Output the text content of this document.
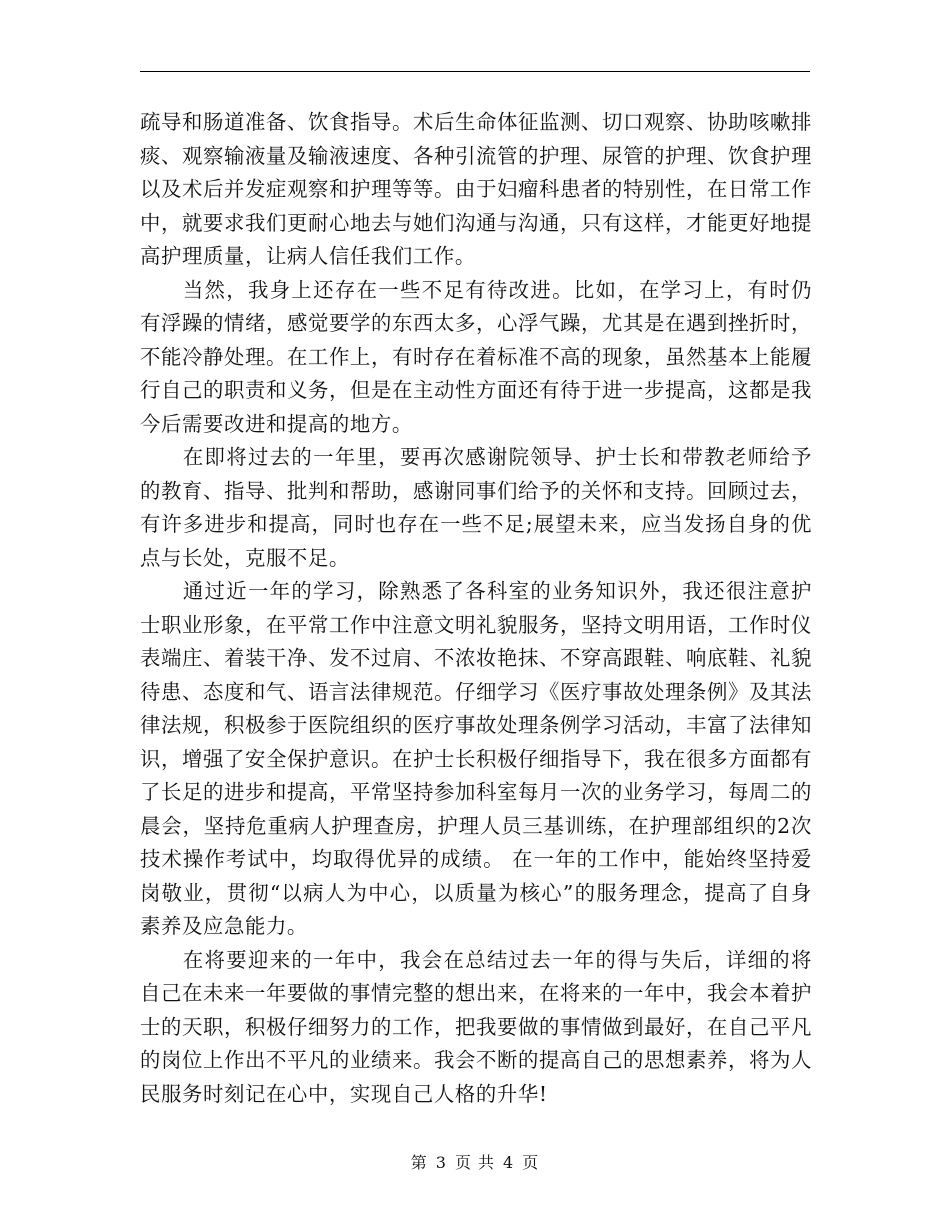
疏导和肠道准备、饮食指导。术后生命体征监测、切口观察、协助咳嗽排痰、观察输液量及输液速度、各种引流管的护理、尿管的护理、饮食护理以及术后并发症观察和护理等等。由于妇瘤科患者的特别性，在日常工作中，就要求我们更耐心地去与她们沟通与沟通，只有这样，才能更好地提高护理质量，让病人信任我们工作。

当然，我身上还存在一些不足有待改进。比如，在学习上，有时仍有浮躁的情绪，感觉要学的东西太多，心浮气躁，尤其是在遇到挫折时，不能冷静处理。在工作上，有时存在着标准不高的现象，虽然基本上能履行自己的职责和义务，但是在主动性方面还有待于进一步提高，这都是我今后需要改进和提高的地方。

在即将过去的一年里，要再次感谢院领导、护士长和带教老师给予的教育、指导、批判和帮助，感谢同事们给予的关怀和支持。回顾过去，有许多进步和提高，同时也存在一些不足;展望未来，应当发扬自身的优点与长处，克服不足。

通过近一年的学习，除熟悉了各科室的业务知识外，我还很注意护士职业形象，在平常工作中注意文明礼貌服务，坚持文明用语，工作时仪表端庄、着装干净、发不过肩、不浓妆艳抹、不穿高跟鞋、响底鞋、礼貌待患、态度和气、语言法律规范。仔细学习《医疗事故处理条例》及其法律法规，积极参于医院组织的医疗事故处理条例学习活动，丰富了法律知识，增强了安全保护意识。在护士长积极仔细指导下，我在很多方面都有了长足的进步和提高，平常坚持参加科室每月一次的业务学习，每周二的晨会，坚持危重病人护理查房，护理人员三基训练，在护理部组织的2次技术操作考试中，均取得优异的成绩。 在一年的工作中，能始终坚持爱岗敬业，贯彻“以病人为中心，以质量为核心”的服务理念，提高了自身素养及应急能力。

在将要迎来的一年中，我会在总结过去一年的得与失后，详细的将自己在未来一年要做的事情完整的想出来，在将来的一年中，我会本着护士的天职，积极仔细努力的工作，把我要做的事情做到最好，在自己平凡的岗位上作出不平凡的业绩来。我会不断的提高自己的思想素养，将为人民服务时刻记在心中，实现自己人格的升华!

第 3 页 共 4 页
